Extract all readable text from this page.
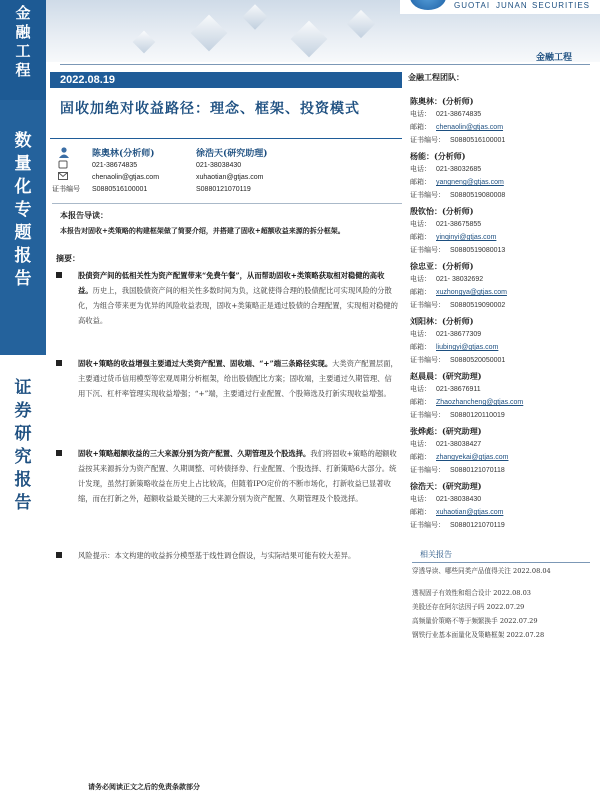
金
融
工
程
数
量
化
专
题
报
告
证
券
研
究
报
告
GUOTAI JUNAN SECURITIES
金融工程
2022.08.19
固收加绝对收益路径：理念、框架、投资模式
证书编号
陈奥林(分析师)
021-38674835
chenaolin@gtjas.com
S0880516100001
徐浩天(研究助理)
021-38038430
xuhaotian@gtjas.com
S0880121070119
本报告导读：
本报告对固收+类策略的构建框架做了简要介绍，并搭建了固收+超额收益来源的拆分框架。
摘要：
股债资产间的低相关性为资产配置带来“免费午餐”，从而帮助固收+类策略获取相对稳健的高收益。历史上，我国股债资产间的相关性多数时间为负，这就使得合理的股债配比可实现风险的分散化，为组合带来更为优异的风险收益表现，固收+类策略正是通过股债的合理配置，实现相对稳健的高收益。
固收+策略的收益增强主要通过大类资产配置、固收端、“+”端三条路径实现。大类资产配置层面，主要通过货币信用模型等宏观周期分析框架，给出股债配比方案；固收端，主要通过久期管理、信用下沉、杠杆率管理实现收益增强；“+”端，主要通过行业配置、个股筛选及打新实现收益增强。
固收+策略超额收益的三大来源分别为资产配置、久期管理及个股选择。我们将固收+策略的超额收益按其来源拆分为资产配置、久期调整、可转债择券、行业配置、个股选择、打新策略6大部分。统计发现，虽然打新策略收益在历史上占比较高，但随着IPO定价的不断市场化，打新收益已显著收缩，而在打新之外，超额收益最关键的三大来源分别为资产配置、久期管理及个股选择。
风险提示：本文构建的收益拆分模型基于线性调仓假设，与实际结果可能有较大差异。
请务必阅读正文之后的免责条款部分
金融工程团队：
陈奥林：(分析师)
电话： 021-38674835
邮箱： chenaolin@gtjas.com
证书编号： S0880516100001
杨能：(分析师)
电话： 021-38032685
邮箱： yangneng@gtjas.com
证书编号： S0880519080008
殷钦怡：(分析师)
电话： 021-38675855
邮箱： yinqinyi@gtjas.com
证书编号： S0880519080013
徐忠亚：(分析师)
电话： 021- 38032692
邮箱： xuzhongya@gtjas.com
证书编号： S0880519090002
刘阳林：(分析师)
电话： 021-38677309
邮箱： liubingyi@gtjas.com
证书编号： S0880520050001
赵晨晨：(研究助理)
电话： 021-38676911
邮箱： Zhaozhancheng@gtjas.com
证书编号： S0880120110019
张烨彪：(研究助理)
电话： 021-38038427
邮箱： zhangyekai@gtjas.com
证书编号： S0880121070118
徐浩天：(研究助理)
电话： 021-38038430
邮箱： xuhaotian@gtjas.com
证书编号： S0880121070119
相关报告
穿透导读、哪些同类产品值得关注 2022.08.04
透视固子有效性和组合设计 2022.08.03
美股还存在阿尔法因子吗 2022.07.29
高频量价策略不等于频繁换手 2022.07.29
钢铁行业基本面量化及策略框架 2022.07.28
